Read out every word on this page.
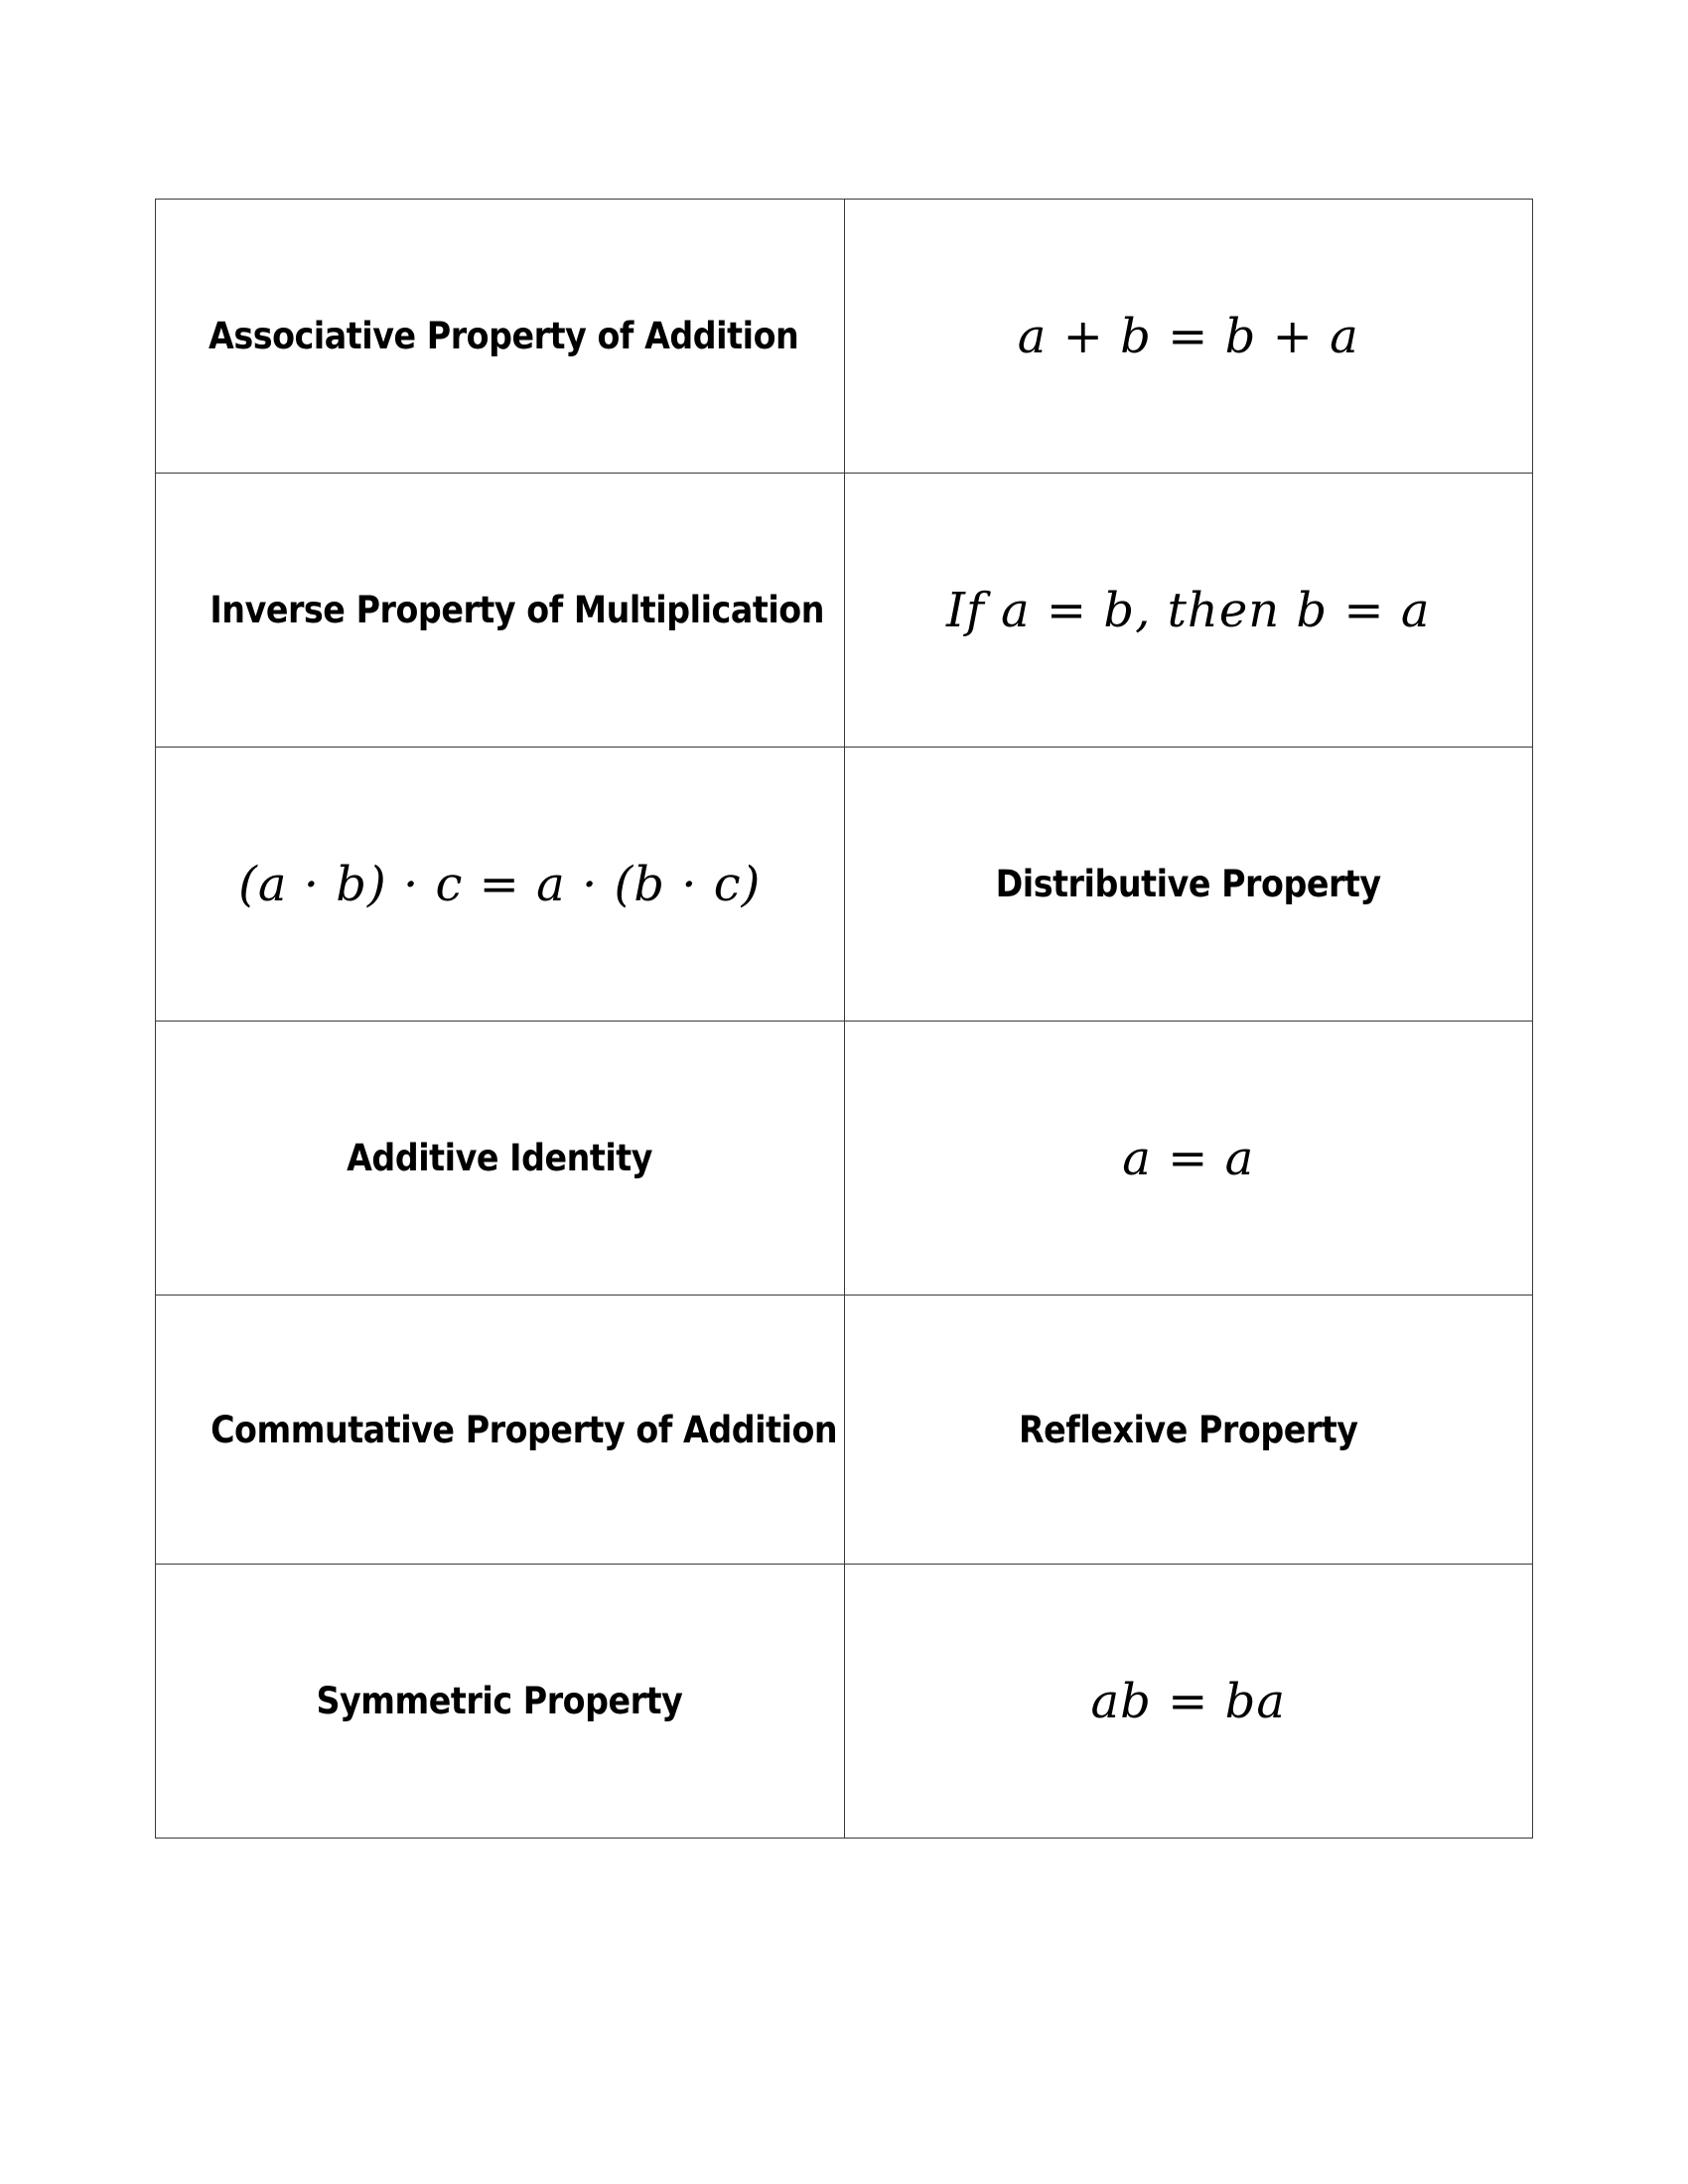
Associative Property of Addition	a + b = b + a
Inverse Property of Multiplication	If a = b, then b = a
(a · b) · c = a · (b · c)	Distributive Property
Additive Identity	a = a
Commutative Property of Addition	Reflexive Property
Symmetric Property	ab = ba
